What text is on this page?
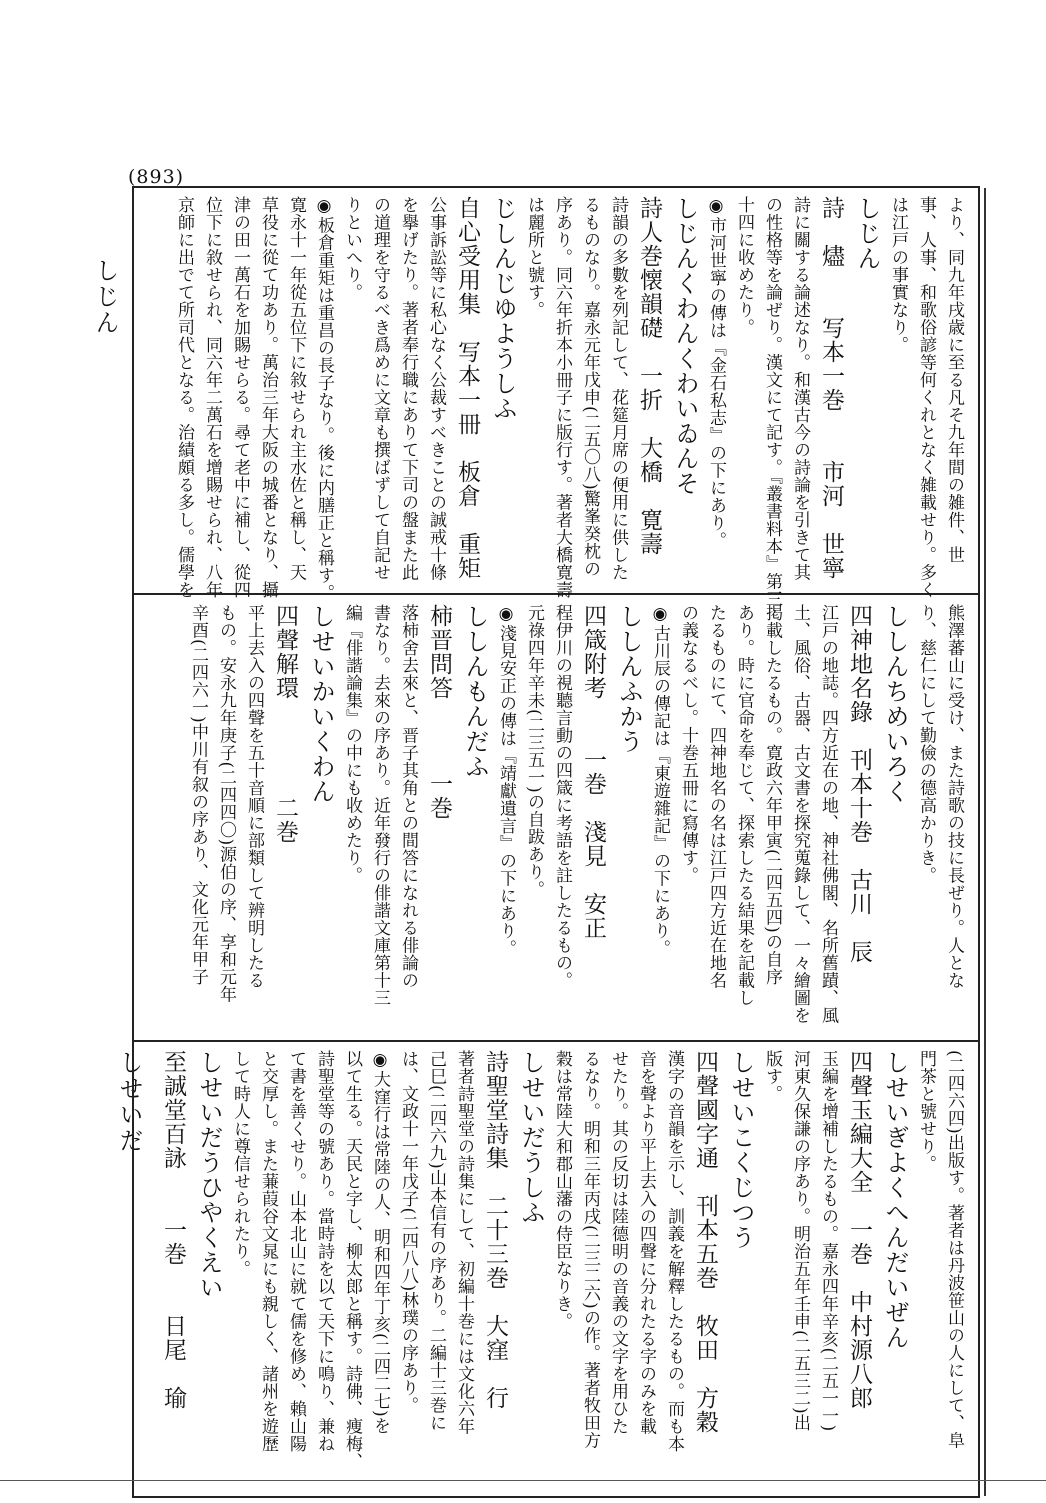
(893)
しじん
しせいだ
より、同九年戌歳に至る凡そ九年間の雑件、世
事、人事、和歌俗諺等何くれとなく雑載せり。多く
は江戸の事實なり。
しじん
詩　燼　　写本一巻　　市河　世寧
詩に關する論述なり。和漢古今の詩論を引きて其
の性格等を論ぜり。漢文にて記す。『叢書料本』第三
十四に收めたり。
◉市河世寧の傳は『金石私志』の下にあり。
しじんくわんくわいゐんそ
詩人巻懐韻礎　一折　大橋　寛壽
詩韻の多數を列記して、花筵月席の便用に供した
るものなり。嘉永元年戊申(二五〇八)驚峯癸枕の
序あり。同六年折本小冊子に版行す。著者大橋寛壽
は麗所と號す。
じしんじゆようしふ
自心受用集　写本一冊　板倉　重矩
公事訴訟等に私心なく公裁すべきことの誠戒十條
を擧げたり。著者奉行職にありて下司の盤また此
の道理を守るべき爲めに文章も撰ばずして自記せ
りといへり。
◉板倉重矩は重昌の長子なり。後に内膳正と稱す。
寛永十一年從五位下に敘せられ主水佐と稱し、天
草役に從て功あり。萬治三年大阪の城番となり、攝
津の田一萬石を加賜せらる。尋て老中に補し、從四
位下に敘せられ、同六年二萬石を增賜せられ、八年
京師に出でて所司代となる。治績頗る多し。儒學を
熊澤蕃山に受け、また詩歌の技に長ぜり。人とな
り、慈仁にして勤儉の德高かりき。
ししんちめいろく
四神地名錄　刊本十巻　古川　辰
江戸の地誌。四方近在の地、神社佛閣、名所舊蹟、風
土、風俗、古器、古文書を探究蒐錄して、一々繪圖を
掲載したるもの。寛政六年甲寅(二四五四)の自序
あり。時に官命を奉じて、探索したる結果を記載し
たるものにて、四神地名の名は江戸四方近在地名
の義なるべし。十巻五冊に寫傳す。
◉古川辰の傳記は『東遊雜記』の下にあり。
ししんふかう
四箴附考　　一巻　淺見　安正
程伊川の視聽言動の四箴に考語を註したるもの。
元祿四年辛未(二三五一)の自跋あり。
◉淺見安正の傳は『靖獻遺言』の下にあり。
ししんもんだふ
柿晋問答　　　一巻
落柿舍去來と、晋子其角との間答になれる俳論の
書なり。去來の序あり。近年發行の俳諧文庫第十三
編『俳諧論集』の中にも收めたり。
しせいかいくわん
四聲解環　　　　二巻
平上去入の四聲を五十音順に部類して辨明したる
もの。安永九年庚子(二四四〇)源伯の序、享和元年
辛酉(二四六一)中川有叙の序あり、文化元年甲子
(二四六四)出版す。著者は丹波笹山の人にして、阜
門茶と號せり。
しせいぎよくへんだいぜん
四聲玉編大全　一巻　中村源八郎
玉編を增補したるもの。嘉永四年辛亥(二五一一)
河東久保謙の序あり。明治五年壬申(二五三二)出
版す。
しせいこくじつう
四聲國字通　刊本五巻　牧田　方穀
漢字の音韻を示し、訓義を解釋したるもの。而も本
音を聲より平上去入の四聲に分れたる字のみを載
せたり。其の反切は陸德明の音義の文字を用ひた
るなり。明和三年丙戌(二三二六)の作。著者牧田方
穀は常陸大和郡山藩の侍臣なりき。
しせいだうしふ
詩聖堂詩集　二十三巻　大窪　行
著者詩聖堂の詩集にして、初編十巻には文化六年
己巳(二四六九)山本信有の序あり。二編十三巻に
は、文政十一年戊子(二四八八)林璞の序あり。
◉大窪行は常陸の人、明和四年丁亥(二四二七)を
以て生る。天民と字し、柳太郎と稱す。詩佛、痩梅、
詩聖堂等の號あり。當時詩を以て天下に鳴り、兼ね
て書を善くせり。山本北山に就て儒を修め、賴山陽
と交厚し。また蒹葭谷文晁にも親しく、諸州を遊歷
して時人に尊信せられたり。
しせいだうひやくえい
至誠堂百詠　　一巻　　日尾　瑜
